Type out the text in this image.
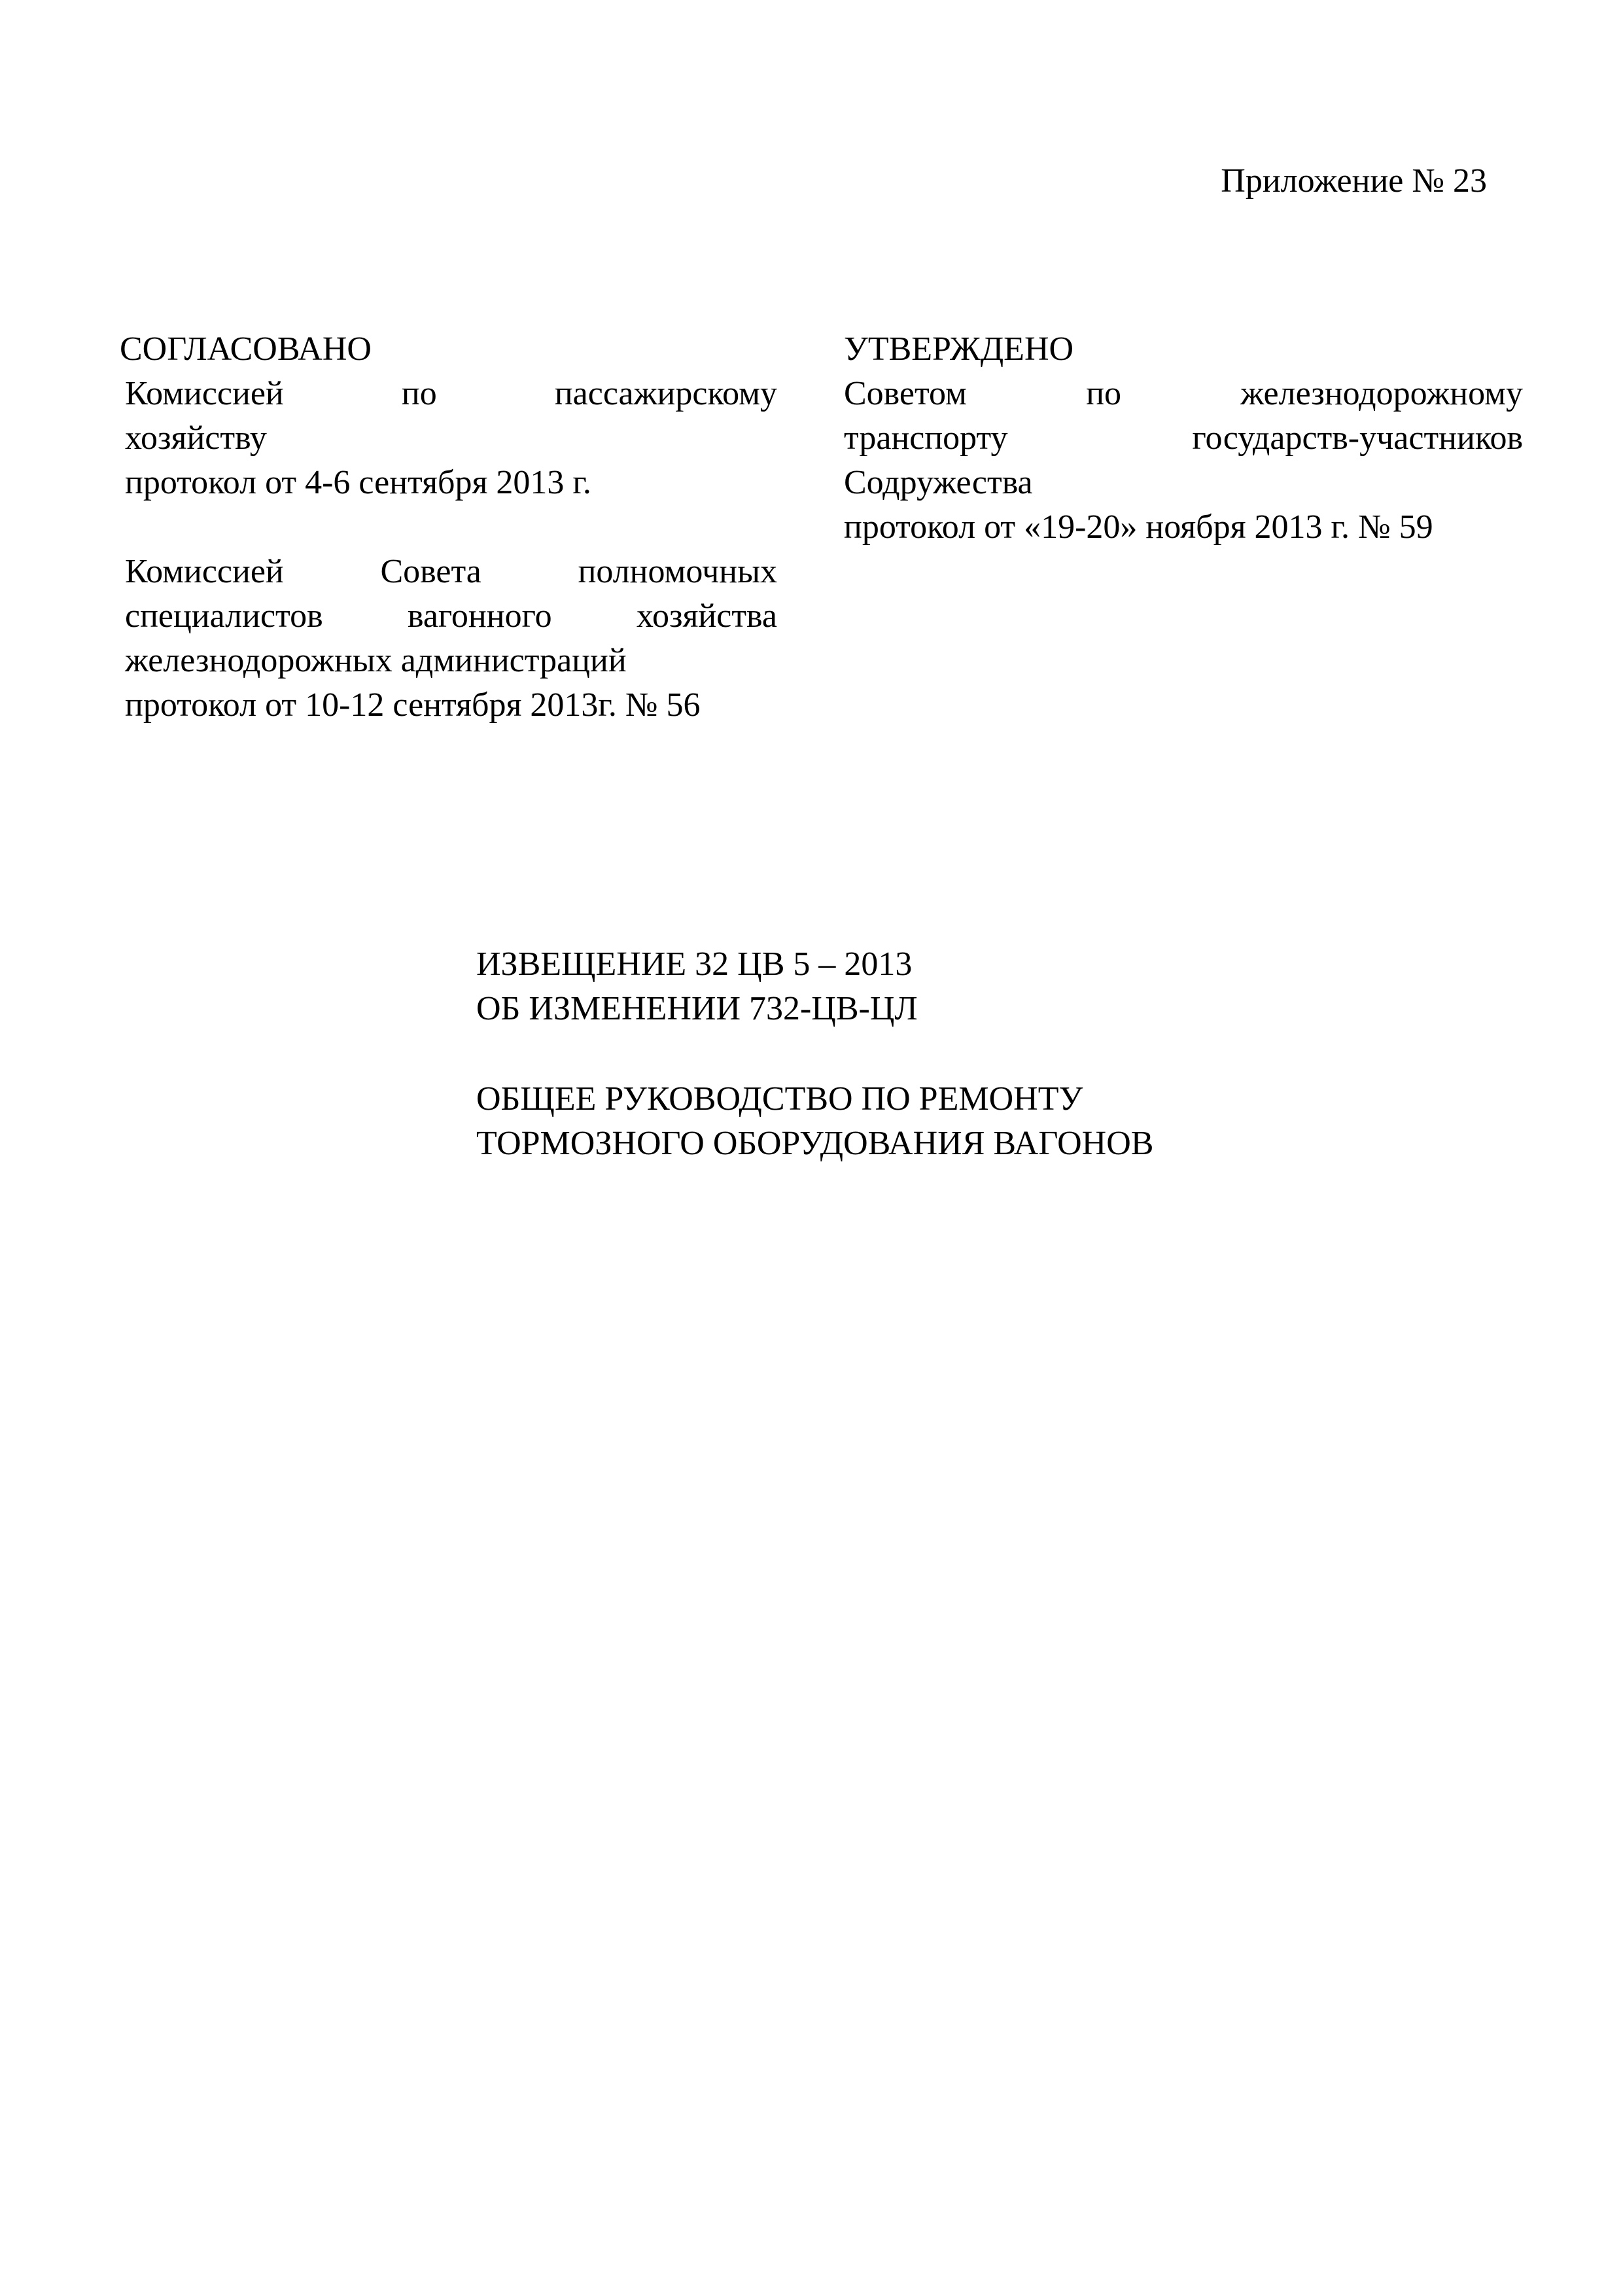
Приложение № 23

СОГЛАСОВАНО

Комиссией по пассажирскому

хозяйству

протокол от 4-6 сентября 2013 г.

Комиссией Совета полномочных

специалистов вагонного хозяйства

железнодорожных администраций

протокол от 10-12 сентября 2013г. № 56

УТВЕРЖДЕНО

Советом по железнодорожному

транспорту государств-участников

Содружества

протокол от «19-20» ноября 2013 г. № 59

ИЗВЕЩЕНИЕ 32 ЦВ 5 – 2013

ОБ ИЗМЕНЕНИИ 732-ЦВ-ЦЛ

ОБЩЕЕ РУКОВОДСТВО ПО РЕМОНТУ

ТОРМОЗНОГО ОБОРУДОВАНИЯ ВАГОНОВ
